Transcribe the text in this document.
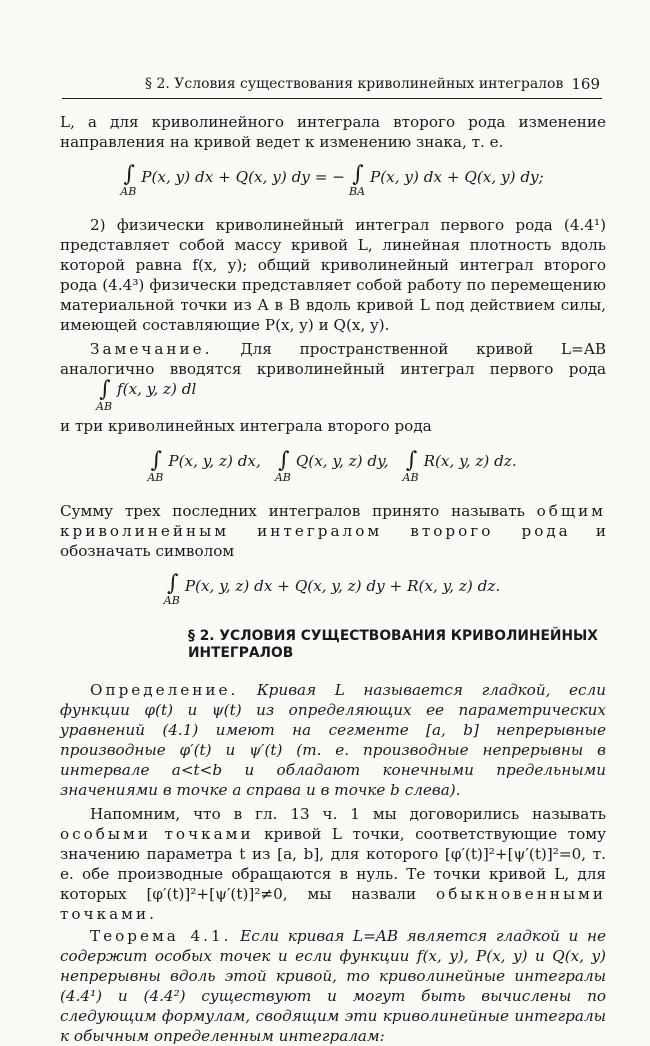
§ 2. Условия существования криволинейных интегралов 169

L, а для криволинейного интеграла второго рода изменение направления на кривой ведет к изменению знака, т. е.

∫
AB
P(x, y) dx + Q(x, y) dy = − ∫
BA
P(x, y) dx + Q(x, y) dy;

2) физически криволинейный интеграл первого рода (4.4¹) представляет собой массу кривой L, линейная плотность вдоль которой равна f(x, y); общий криволинейный интеграл второго рода (4.4³) физически представляет собой работу по перемещению материальной точки из A в B вдоль кривой L под действием силы, имеющей составляющие P(x, y) и Q(x, y).

Замечание. Для пространственной кривой L=AB аналогично вводятся криволинейный интеграл первого рода
∫
AB
f(x, y, z) dl

и три криволинейных интеграла второго рода

∫
AB
P(x, y, z) dx, ∫
AB
Q(x, y, z) dy, ∫
AB
R(x, y, z) dz.

Сумму трех последних интегралов принято называть общим криволинейным интегралом второго рода и обозначать символом

∫
AB
P(x, y, z) dx + Q(x, y, z) dy + R(x, y, z) dz.
§ 2. УСЛОВИЯ СУЩЕСТВОВАНИЯ КРИВОЛИНЕЙНЫХ ИНТЕГРАЛОВ

Определение. Кривая L называется гладкой, если функции φ(t) и ψ(t) из определяющих ее параметрических уравнений (4.1) имеют на сегменте [a, b] непрерывные производные φ′(t) и ψ′(t) (т. е. производные непрерывны в интервале a<t<b и обладают конечными предельными значениями в точке a справа и в точке b слева).

Напомним, что в гл. 13 ч. 1 мы договорились называть особыми точками кривой L точки, соответствующие тому значению параметра t из [a, b], для которого [φ′(t)]²+[ψ′(t)]²=0, т. е. обе производные обращаются в нуль. Те точки кривой L, для которых [φ′(t)]²+[ψ′(t)]²≠0, мы назвали обыкновенными точками.

Теорема 4.1. Если кривая L=AB является гладкой и не содержит особых точек и если функции f(x, y), P(x, y) и Q(x, y) непрерывны вдоль этой кривой, то криволинейные интегралы (4.4¹) и (4.4²) существуют и могут быть вычислены по следующим формулам, сводящим эти криволинейные интегралы к обычным определенным интегралам:
